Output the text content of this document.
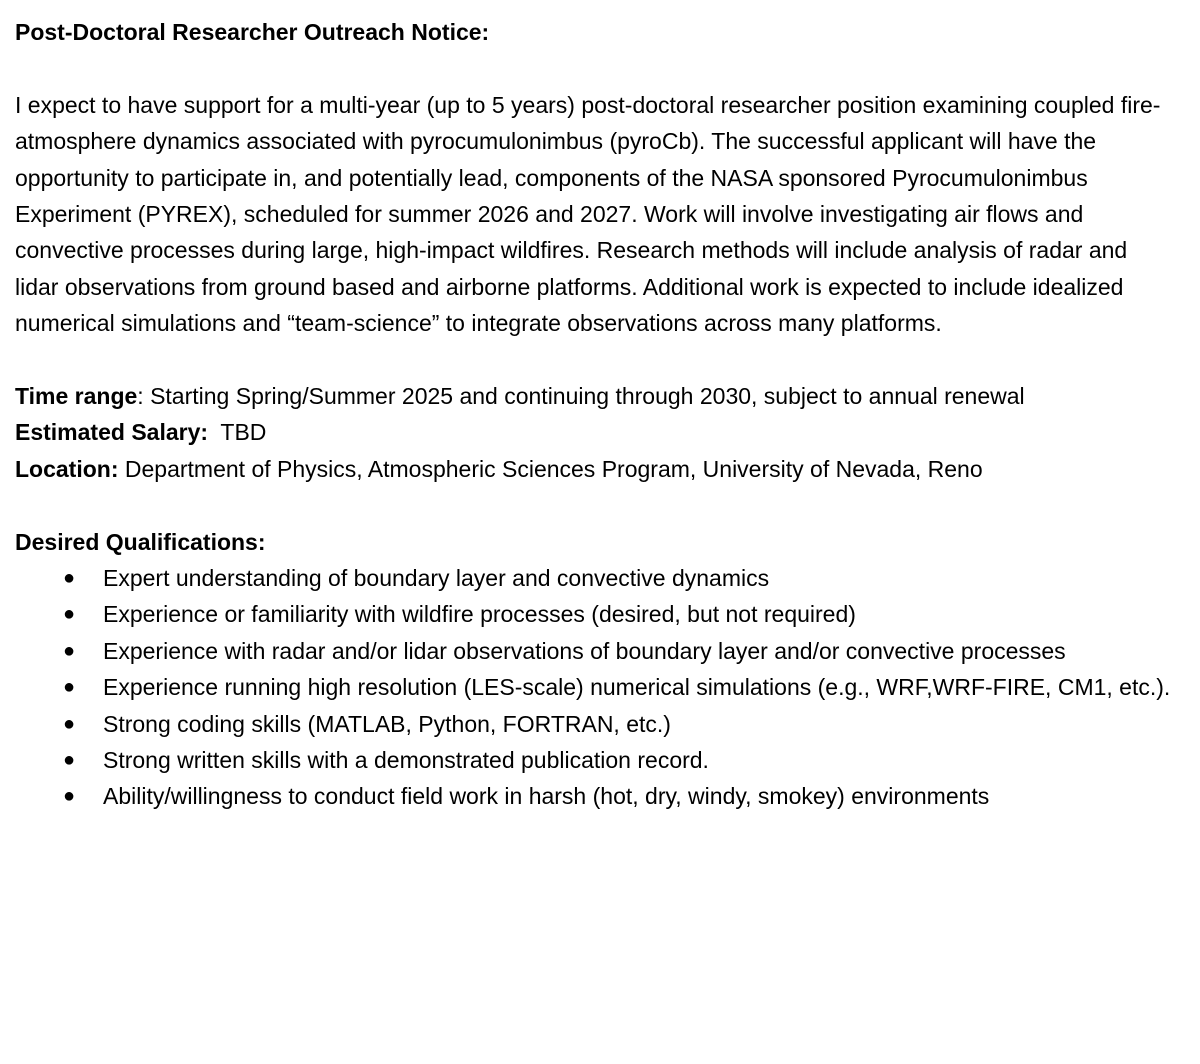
Post-Doctoral Researcher Outreach Notice:
I expect to have support for a multi-year (up to 5 years) post-doctoral researcher position examining coupled fire-atmosphere dynamics associated with pyrocumulonimbus (pyroCb). The successful applicant will have the opportunity to participate in, and potentially lead, components of the NASA sponsored Pyrocumulonimbus Experiment (PYREX), scheduled for summer 2026 and 2027. Work will involve investigating air flows and convective processes during large, high-impact wildfires. Research methods will include analysis of radar and lidar observations from ground based and airborne platforms. Additional work is expected to include idealized numerical simulations and “team-science” to integrate observations across many platforms.
Time range: Starting Spring/Summer 2025 and continuing through 2030, subject to annual renewal
Estimated Salary:  TBD
Location: Department of Physics, Atmospheric Sciences Program, University of Nevada, Reno
Desired Qualifications:
● Expert understanding of boundary layer and convective dynamics
● Experience or familiarity with wildfire processes (desired, but not required)
● Experience with radar and/or lidar observations of boundary layer and/or convective processes
● Experience running high resolution (LES-scale) numerical simulations (e.g., WRF,WRF-FIRE, CM1, etc.).
● Strong coding skills (MATLAB, Python, FORTRAN, etc.)
● Strong written skills with a demonstrated publication record.
● Ability/willingness to conduct field work in harsh (hot, dry, windy, smokey) environments
